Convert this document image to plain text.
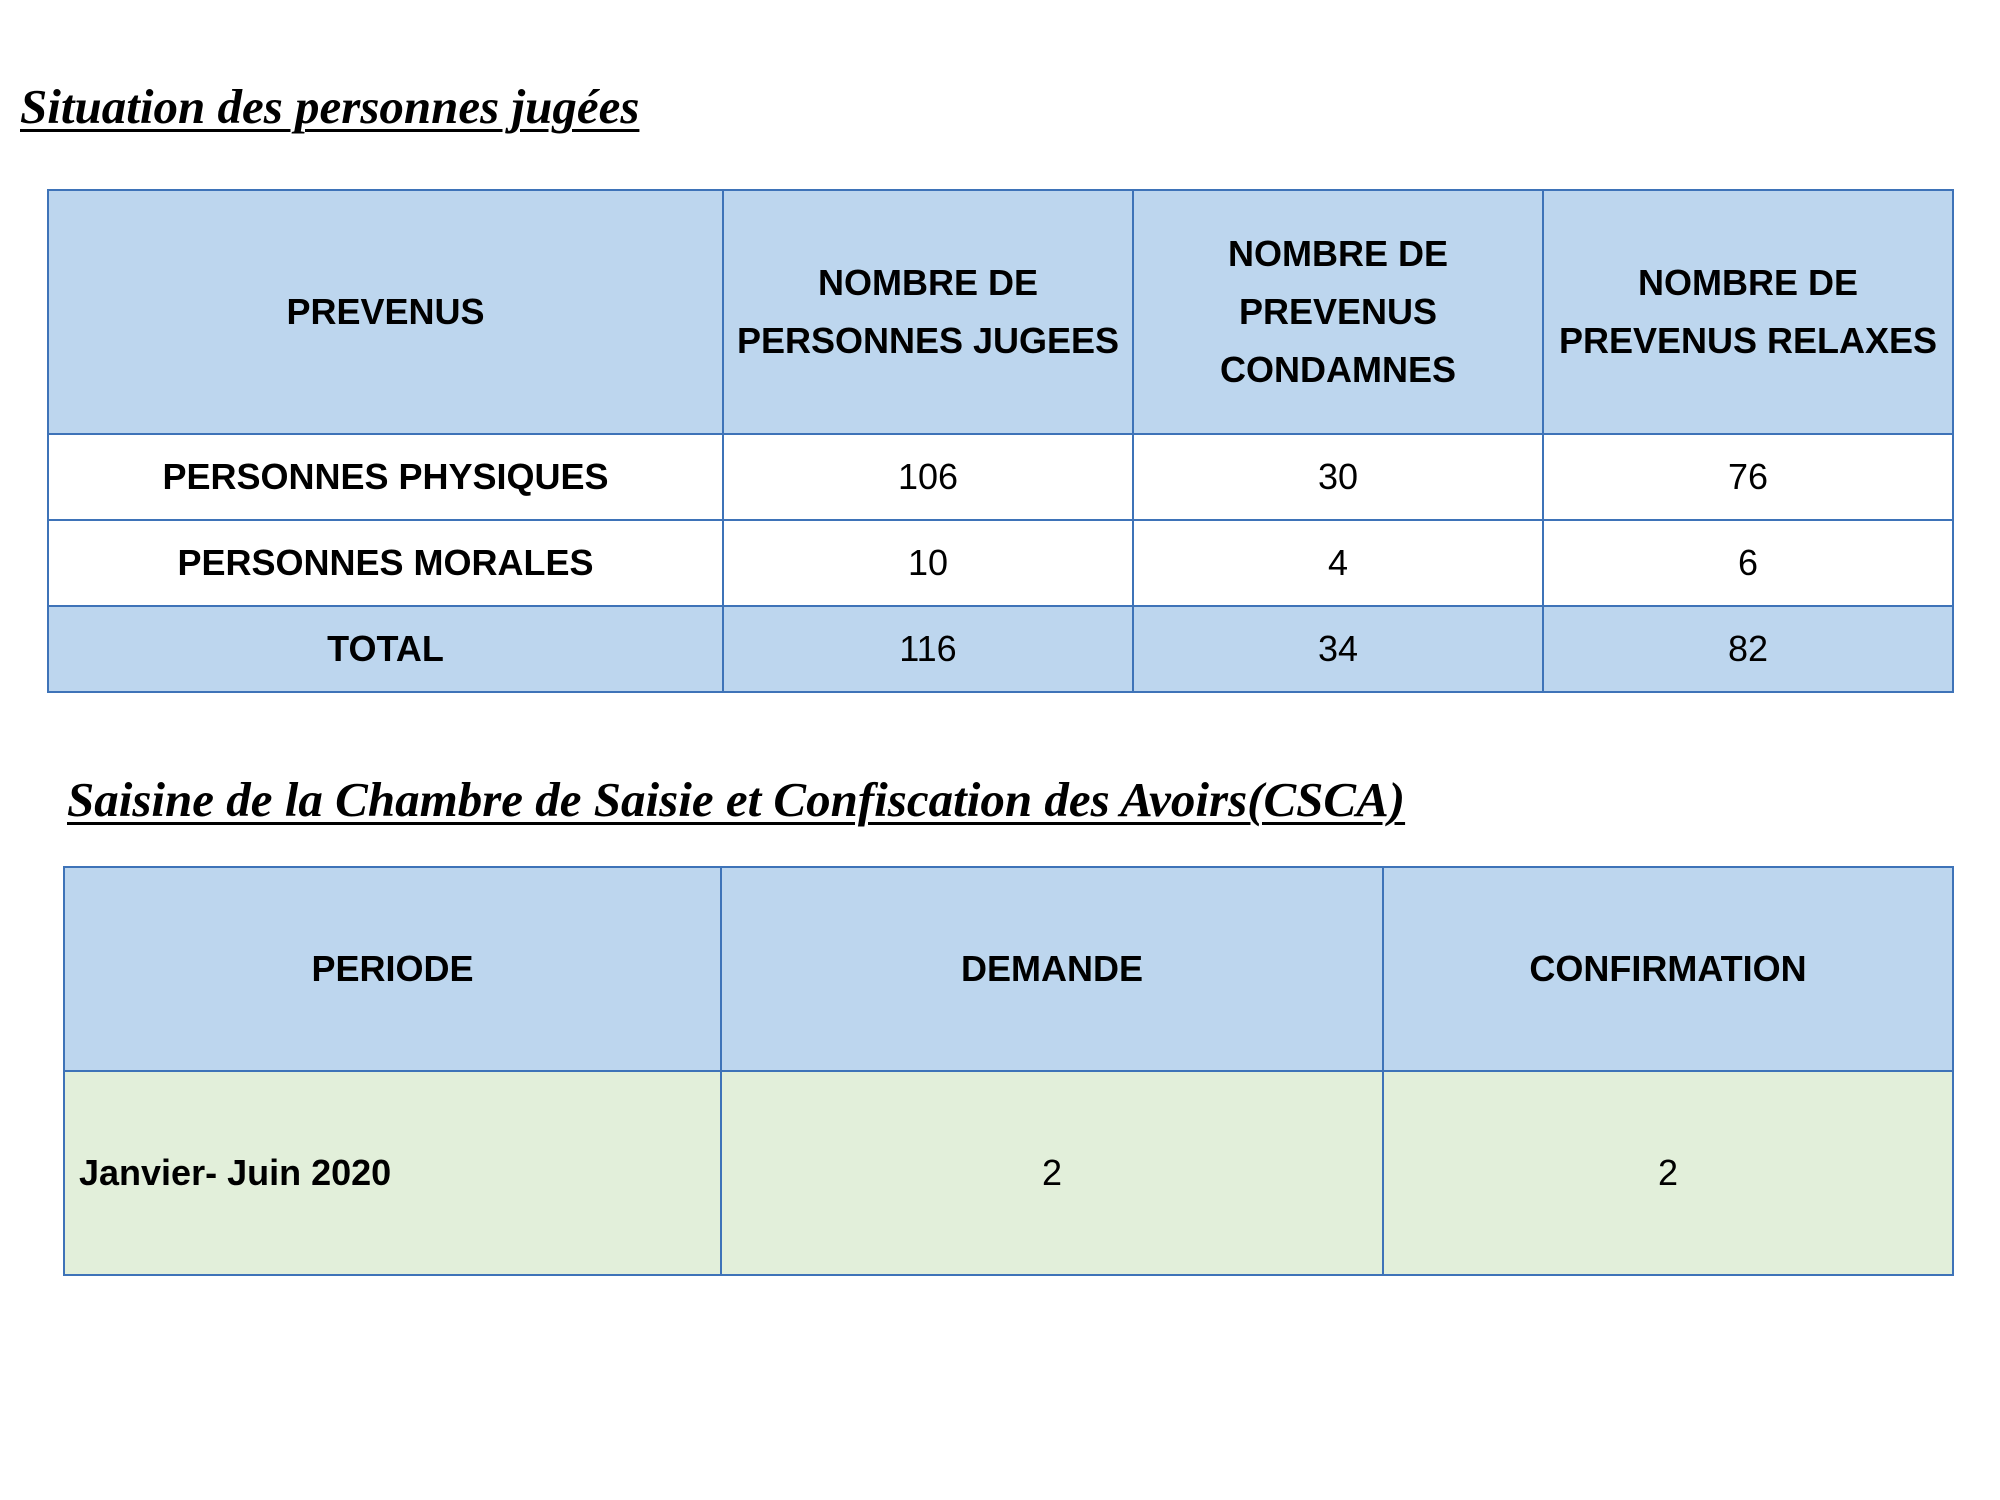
Situation des personnes jugées
PREVENUS	NOMBRE DE PERSONNES JUGEES	NOMBRE DE PREVENUS CONDAMNES	NOMBRE DE PREVENUS RELAXES
PERSONNES PHYSIQUES	106	30	76
PERSONNES MORALES	10	4	6
TOTAL	116	34	82
Saisine de la Chambre de Saisie et Confiscation des Avoirs(CSCA)
PERIODE	DEMANDE	CONFIRMATION
Janvier- Juin 2020	2	2
